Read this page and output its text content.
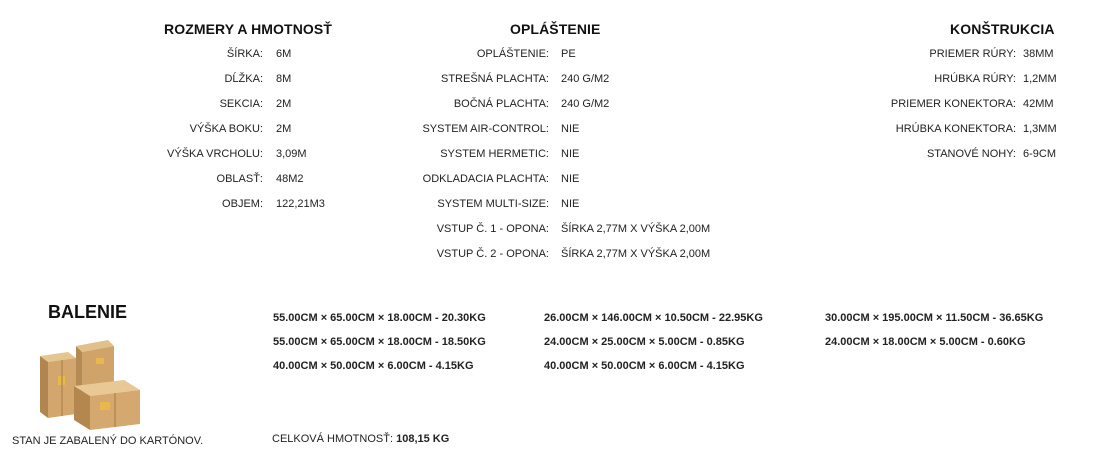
ROZMERY A HMOTNOSŤ
ŠÍRKA: 6M
DĹŽKA: 8M
SEKCIA: 2M
VÝŠKA BOKU: 2M
VÝŠKA VRCHOLU: 3,09M
OBLASŤ: 48M2
OBJEM: 122,21M3
OPLÁŠTENIE
OPLÁŠTENIE: PE
STREŠNÁ PLACHTA: 240 G/M2
BOČNÁ PLACHTA: 240 G/M2
SYSTEM AIR-CONTROL: NIE
SYSTEM HERMETIC: NIE
ODKLADACIA PLACHTA: NIE
SYSTEM MULTI-SIZE: NIE
VSTUP Č. 1 - OPONA: ŠÍRKA 2,77M X VÝŠKA 2,00M
VSTUP Č. 2 - OPONA: ŠÍRKA 2,77M X VÝŠKA 2,00M
KONŠTRUKCIA
PRIEMER RÚRY: 38MM
HRÚBKA RÚRY: 1,2MM
PRIEMER KONEKTORA: 42MM
HRÚBKA KONEKTORA: 1,3MM
STANOVÉ NOHY: 6-9CM
BALENIE
STAN JE ZABALENÝ DO KARTÓNOV.
55.00CM × 65.00CM × 18.00CM - 20.30KG
55.00CM × 65.00CM × 18.00CM - 18.50KG
40.00CM × 50.00CM × 6.00CM - 4.15KG
26.00CM × 146.00CM × 10.50CM - 22.95KG
24.00CM × 25.00CM × 5.00CM - 0.85KG
40.00CM × 50.00CM × 6.00CM - 4.15KG
30.00CM × 195.00CM × 11.50CM - 36.65KG
24.00CM × 18.00CM × 5.00CM - 0.60KG
CELKOVÁ HMOTNOSŤ: 108,15 KG
